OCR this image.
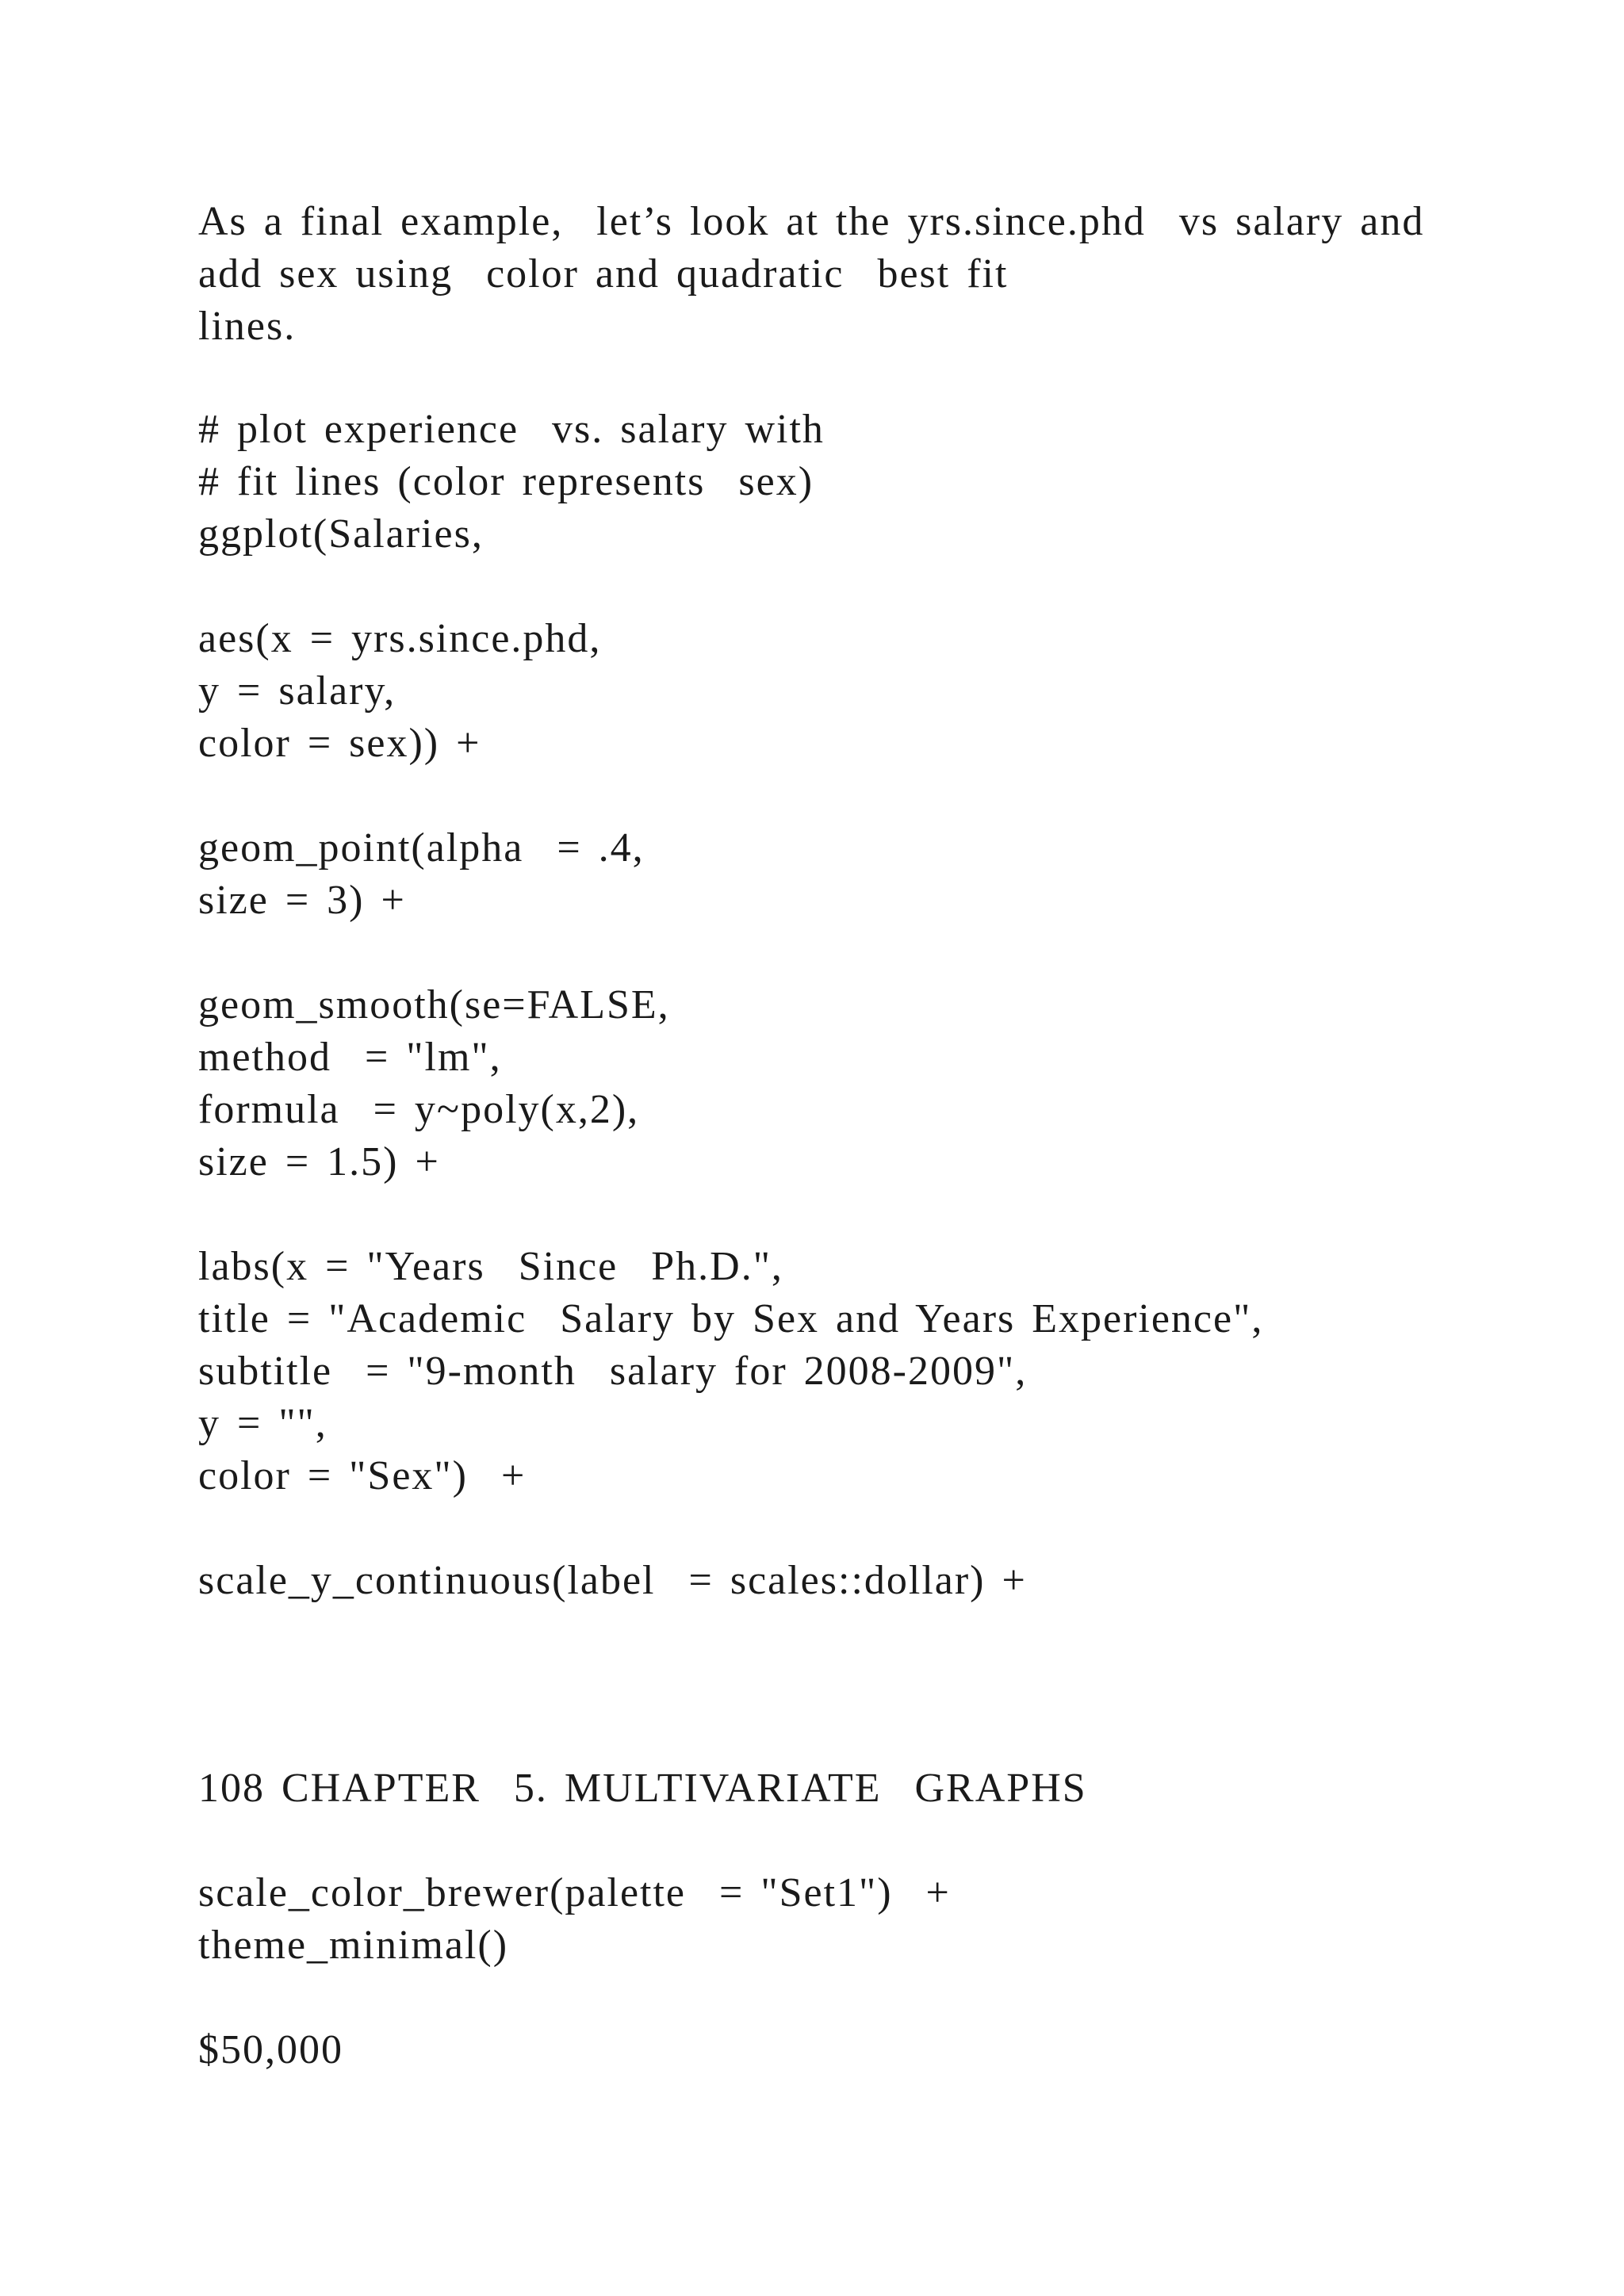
As a final example,  let’s look at the yrs.since.phd  vs salary and
add sex using  color and quadratic  best fit
lines.
# plot experience  vs. salary with
# fit lines (color represents  sex)
ggplot(Salaries,
aes(x = yrs.since.phd,
y = salary,
color = sex)) +
geom_point(alpha  = .4,
size = 3) +
geom_smooth(se=FALSE,
method  = "lm",
formula  = y~poly(x,2),
size = 1.5) +
labs(x = "Years  Since  Ph.D.",
title = "Academic  Salary by Sex and Years Experience",
subtitle  = "9-month  salary for 2008-2009",
y = "",
color = "Sex")  +
scale_y_continuous(label  = scales::dollar) +
108 CHAPTER  5. MULTIVARIATE  GRAPHS
scale_color_brewer(palette  = "Set1")  +
theme_minimal()
$50,000
